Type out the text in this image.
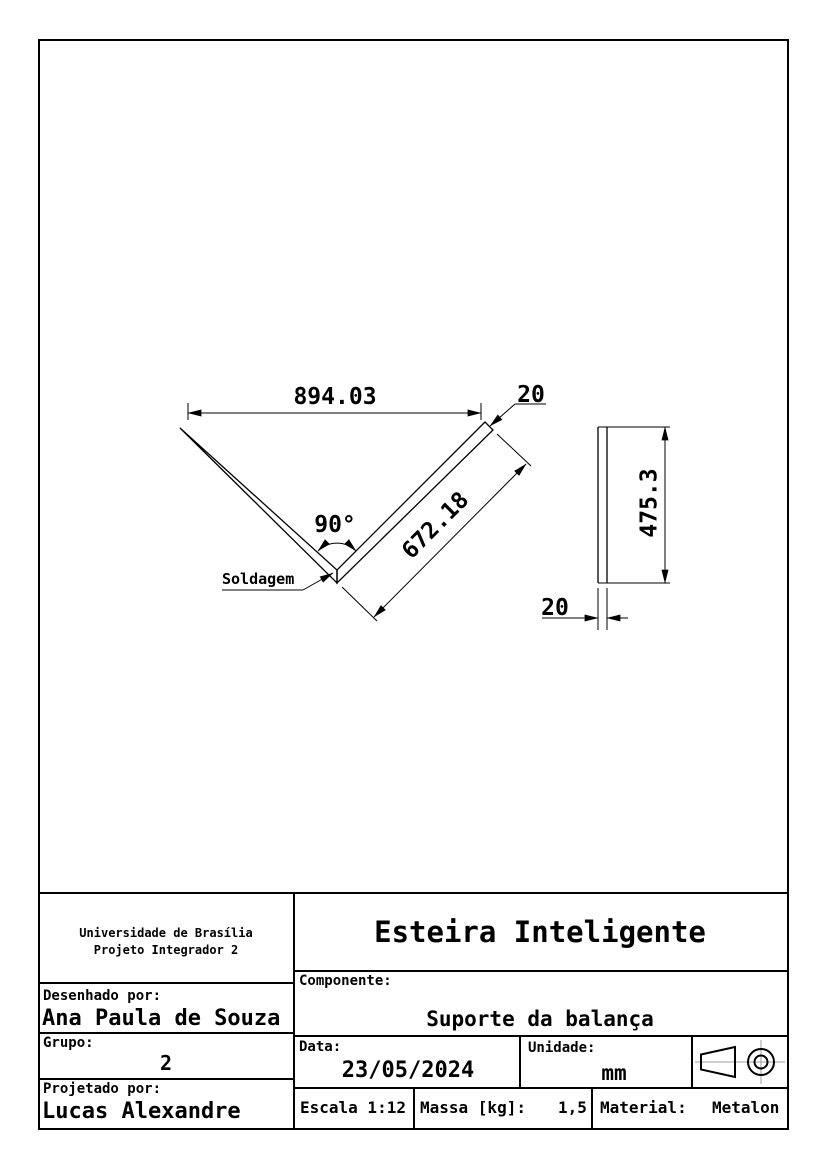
894.03	20
672.18
90°
Soldagem
475.3
20
Universidade de Brasília
Projeto Integrador 2
Desenhado por:
Ana Paula de Souza
Grupo:
2
Projetado por:
Lucas Alexandre
Esteira Inteligente
Componente:
Suporte da balança
Data:
23/05/2024
Unidade:
mm
Escala 1:12 Massa [kg]: 1,5 Material: Metalon
